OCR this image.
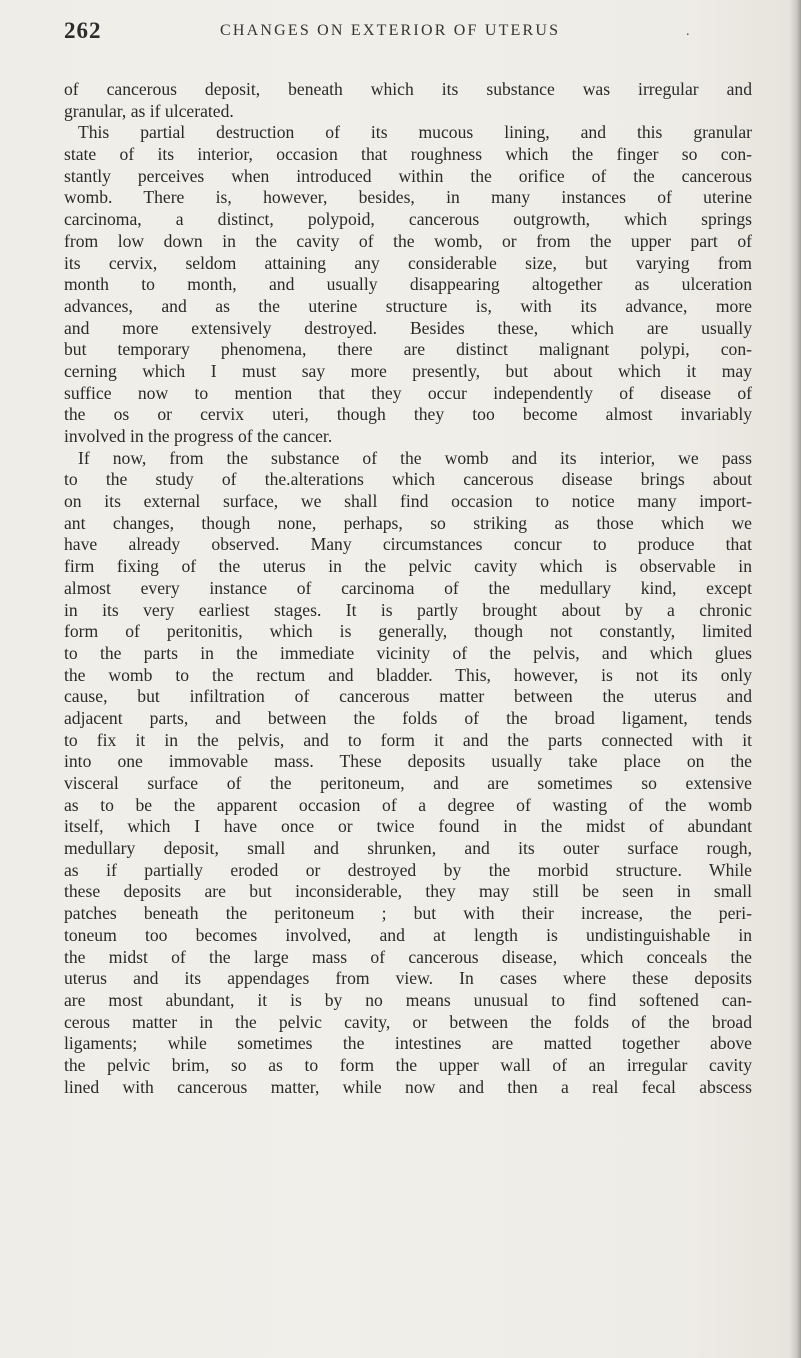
262	CHANGES ON EXTERIOR OF UTERUS	.
of cancerous deposit, beneath which its substance was irregular and
granular, as if ulcerated.
This partial destruction of its mucous lining, and this granular
state of its interior, occasion that roughness which the finger so con-
stantly perceives when introduced within the orifice of the cancerous
womb. There is, however, besides, in many instances of uterine
carcinoma, a distinct, polypoid, cancerous outgrowth, which springs
from low down in the cavity of the womb, or from the upper part of
its cervix, seldom attaining any considerable size, but varying from
month to month, and usually disappearing altogether as ulceration
advances, and as the uterine structure is, with its advance, more
and more extensively destroyed. Besides these, which are usually
but temporary phenomena, there are distinct malignant polypi, con-
cerning which I must say more presently, but about which it may
suffice now to mention that they occur independently of disease of
the os or cervix uteri, though they too become almost invariably
involved in the progress of the cancer.
If now, from the substance of the womb and its interior, we pass
to the study of the.alterations which cancerous disease brings about
on its external surface, we shall find occasion to notice many import-
ant changes, though none, perhaps, so striking as those which we
have already observed. Many circumstances concur to produce that
firm fixing of the uterus in the pelvic cavity which is observable in
almost every instance of carcinoma of the medullary kind, except
in its very earliest stages. It is partly brought about by a chronic
form of peritonitis, which is generally, though not constantly, limited
to the parts in the immediate vicinity of the pelvis, and which glues
the womb to the rectum and bladder. This, however, is not its only
cause, but infiltration of cancerous matter between the uterus and
adjacent parts, and between the folds of the broad ligament, tends
to fix it in the pelvis, and to form it and the parts connected with it
into one immovable mass. These deposits usually take place on the
visceral surface of the peritoneum, and are sometimes so extensive
as to be the apparent occasion of a degree of wasting of the womb
itself, which I have once or twice found in the midst of abundant
medullary deposit, small and shrunken, and its outer surface rough,
as if partially eroded or destroyed by the morbid structure. While
these deposits are but inconsiderable, they may still be seen in small
patches beneath the peritoneum ; but with their increase, the peri-
toneum too becomes involved, and at length is undistinguishable in
the midst of the large mass of cancerous disease, which conceals the
uterus and its appendages from view. In cases where these deposits
are most abundant, it is by no means unusual to find softened can-
cerous matter in the pelvic cavity, or between the folds of the broad
ligaments; while sometimes the intestines are matted together above
the pelvic brim, so as to form the upper wall of an irregular cavity
lined with cancerous matter, while now and then a real fecal abscess
